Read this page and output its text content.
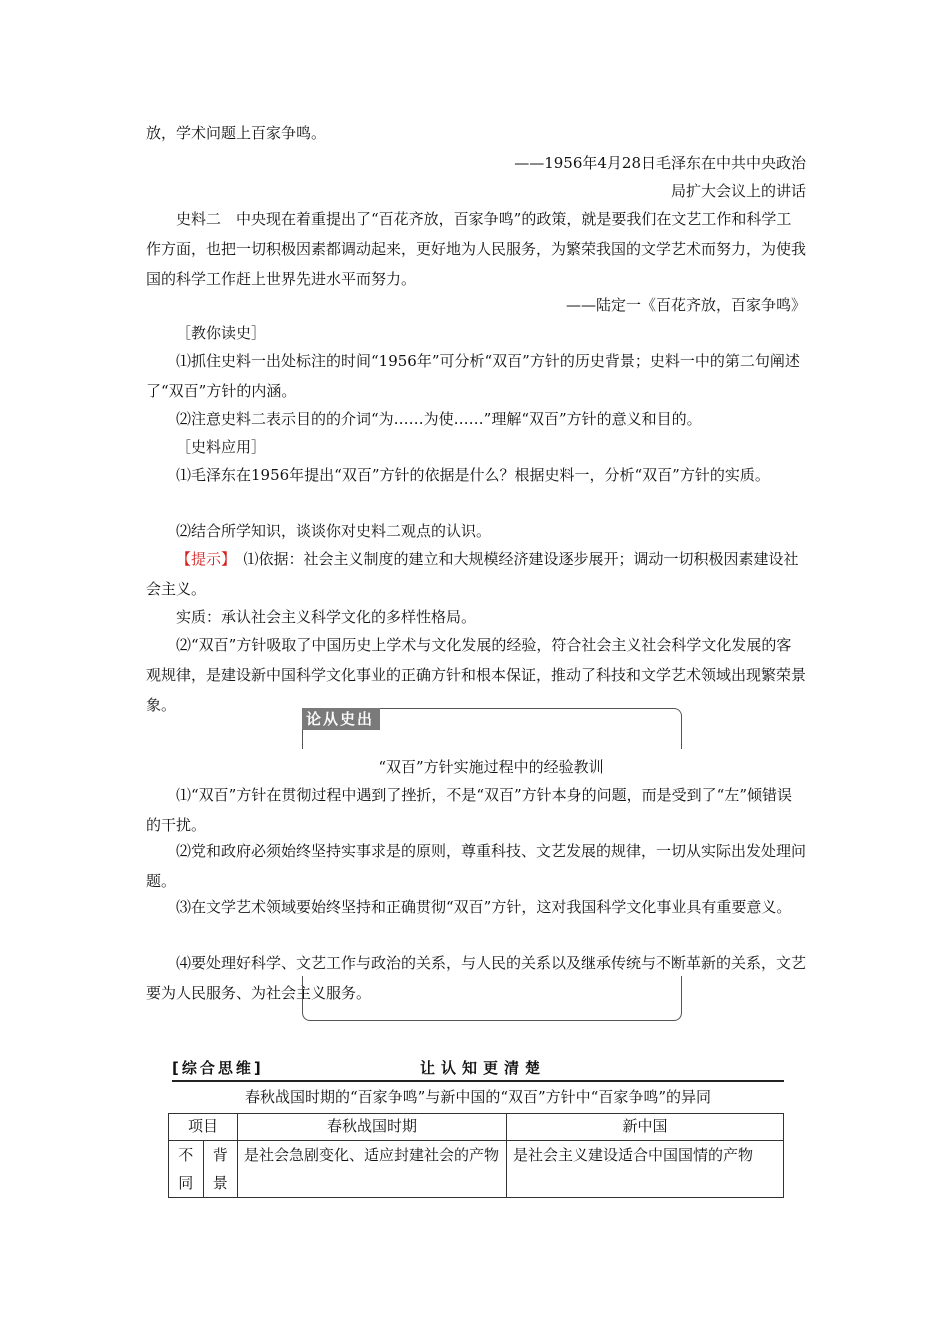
放，学术问题上百家争鸣。

——1956年4月28日毛泽东在中共中央政治

局扩大会议上的讲话

史料二　中央现在着重提出了“百花齐放，百家争鸣”的政策，就是要我们在文艺工作和科学工作方面，也把一切积极因素都调动起来，更好地为人民服务，为繁荣我国的文学艺术而努力，为使我国的科学工作赶上世界先进水平而努力。

——陆定一《百花齐放，百家争鸣》

［教你读史］

⑴抓住史料一出处标注的时间“1956年”可分析“双百”方针的历史背景；史料一中的第二句阐述了“双百”方针的内涵。

⑵注意史料二表示目的的介词“为……为使……”理解“双百”方针的意义和目的。

［史料应用］

⑴毛泽东在1956年提出“双百”方针的依据是什么？根据史料一，分析“双百”方针的实质。

⑵结合所学知识，谈谈你对史料二观点的认识。

【提示】　⑴依据：社会主义制度的建立和大规模经济建设逐步展开；调动一切积极因素建设社会主义。

实质：承认社会主义科学文化的多样性格局。

⑵“双百”方针吸取了中国历史上学术与文化发展的经验，符合社会主义社会科学文化发展的客观规律，是建设新中国科学文化事业的正确方针和根本保证，推动了科技和文学艺术领域出现繁荣景象。

论从史出
“双百”方针实施过程中的经验教训

⑴“双百”方针在贯彻过程中遇到了挫折，不是“双百”方针本身的问题，而是受到了“左”倾错误的干扰。

⑵党和政府必须始终坚持实事求是的原则，尊重科技、文艺发展的规律，一切从实际出发处理问题。

⑶在文学艺术领域要始终坚持和正确贯彻“双百”方针，这对我国科学文化事业具有重要意义。

⑷要处理好科学、文艺工作与政治的关系，与人民的关系以及继承传统与不断革新的关系，文艺要为人民服务、为社会主义服务。

[综合思维]	让认知更清楚
春秋战国时期的“百家争鸣”与新中国的“双百”方针中“百家争鸣”的异同
项目		春秋战国时期	新中国
不同	背景	是社会急剧变化、适应封建社会的产物	是社会主义建设适合中国国情的产物
